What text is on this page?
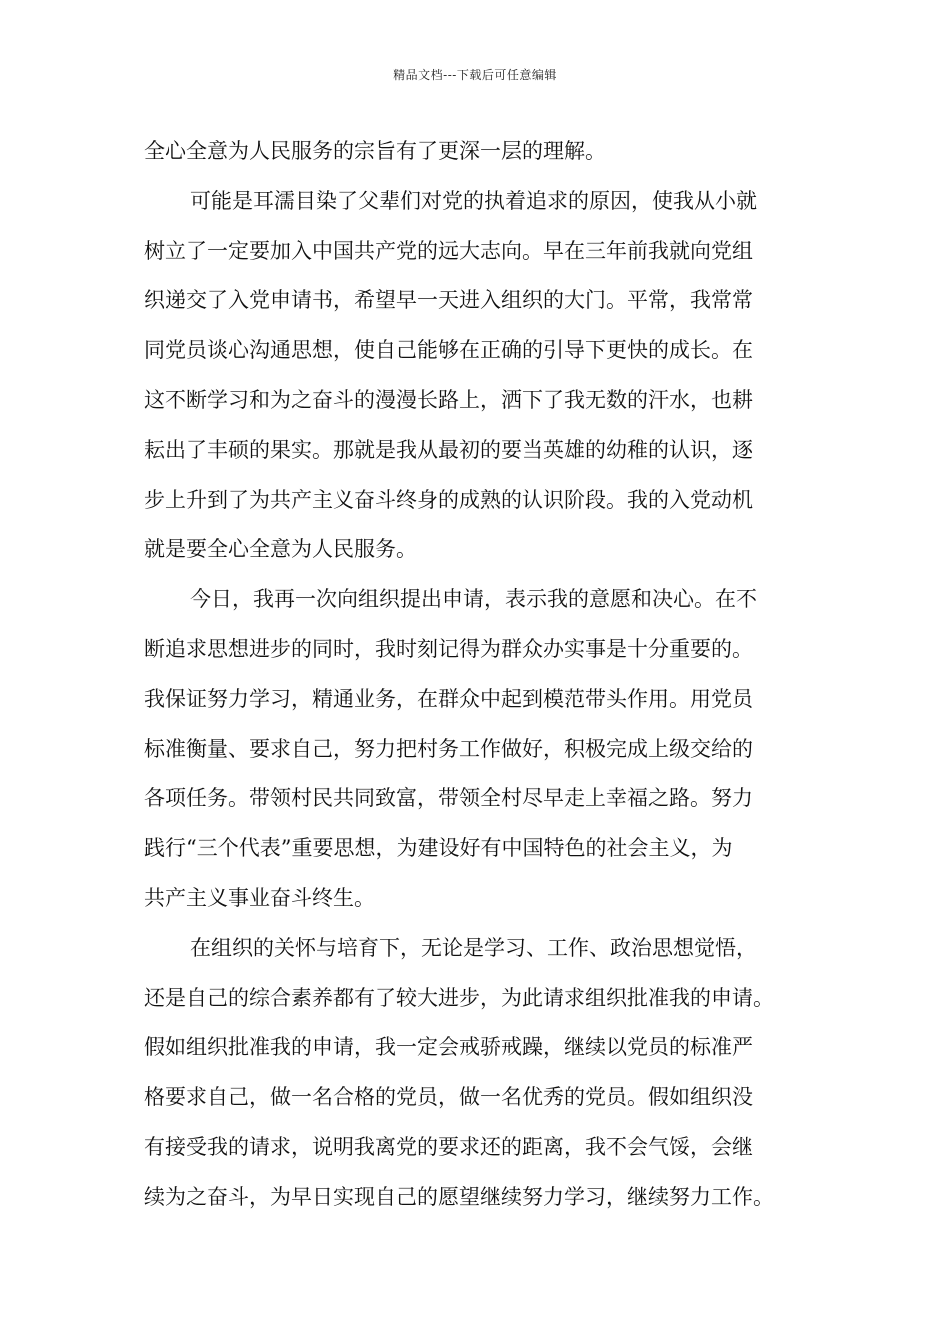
精品文档---下载后可任意编辑
全心全意为人民服务的宗旨有了更深一层的理解。
可能是耳濡目染了父辈们对党的执着追求的原因，使我从小就
树立了一定要加入中国共产党的远大志向。早在三年前我就向党组
织递交了入党申请书，希望早一天进入组织的大门。平常，我常常
同党员谈心沟通思想，使自己能够在正确的引导下更快的成长。在
这不断学习和为之奋斗的漫漫长路上，洒下了我无数的汗水，也耕
耘出了丰硕的果实。那就是我从最初的要当英雄的幼稚的认识，逐
步上升到了为共产主义奋斗终身的成熟的认识阶段。我的入党动机
就是要全心全意为人民服务。
今日，我再一次向组织提出申请，表示我的意愿和决心。在不
断追求思想进步的同时，我时刻记得为群众办实事是十分重要的。
我保证努力学习，精通业务，在群众中起到模范带头作用。用党员
标准衡量、要求自己，努力把村务工作做好，积极完成上级交给的
各项任务。带领村民共同致富，带领全村尽早走上幸福之路。努力
践行“三个代表”重要思想，为建设好有中国特色的社会主义，为
共产主义事业奋斗终生。
在组织的关怀与培育下，无论是学习、工作、政治思想觉悟，
还是自己的综合素养都有了较大进步，为此请求组织批准我的申请。
假如组织批准我的申请，我一定会戒骄戒躁，继续以党员的标准严
格要求自己，做一名合格的党员，做一名优秀的党员。假如组织没
有接受我的请求，说明我离党的要求还的距离，我不会气馁，会继
续为之奋斗，为早日实现自己的愿望继续努力学习，继续努力工作。
